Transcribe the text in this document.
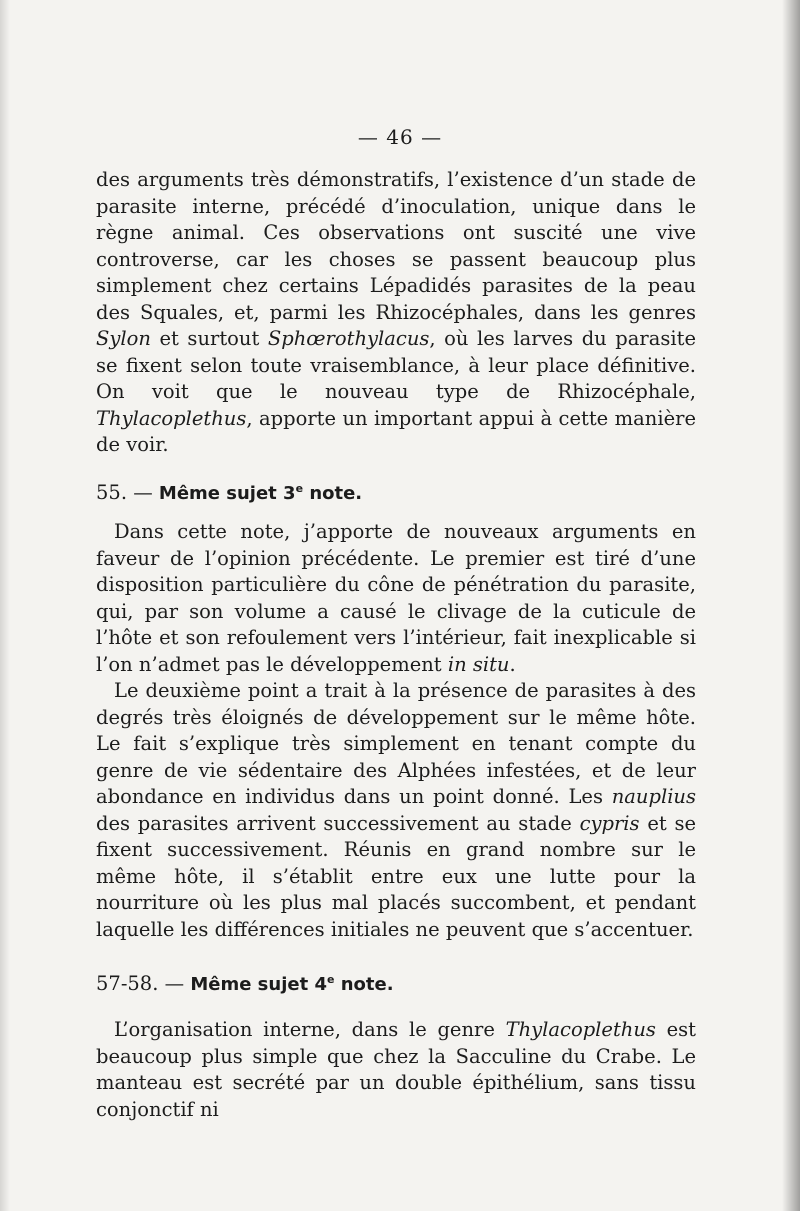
— 46 —

des arguments très démonstratifs, l’existence d’un stade de parasite interne, précédé d’inoculation, unique dans le règne animal. Ces observations ont suscité une vive controverse, car les choses se passent beaucoup plus simplement chez certains Lépadidés parasites de la peau des Squales, et, parmi les Rhizocéphales, dans les genres Sylon et surtout Sphœrothylacus, où les larves du parasite se fixent selon toute vraisemblance, à leur place définitive. On voit que le nouveau type de Rhizocéphale, Thylacoplethus, apporte un important appui à cette manière de voir.

55. — Même sujet 3e note.

Dans cette note, j’apporte de nouveaux arguments en faveur de l’opinion précédente. Le premier est tiré d’une disposition particulière du cône de pénétration du parasite, qui, par son volume a causé le clivage de la cuticule de l’hôte et son refoulement vers l’intérieur, fait inexplicable si l’on n’admet pas le développement in situ.

Le deuxième point a trait à la présence de parasites à des degrés très éloignés de développement sur le même hôte. Le fait s’explique très simplement en tenant compte du genre de vie sédentaire des Alphées infestées, et de leur abondance en individus dans un point donné. Les nauplius des parasites arrivent successivement au stade cypris et se fixent successivement. Réunis en grand nombre sur le même hôte, il s’établit entre eux une lutte pour la nourriture où les plus mal placés succombent, et pendant laquelle les différences initiales ne peuvent que s’accentuer.

57-58. — Même sujet 4e note.

L’organisation interne, dans le genre Thylacoplethus est beaucoup plus simple que chez la Sacculine du Crabe. Le manteau est secrété par un double épithélium, sans tissu conjonctif ni
